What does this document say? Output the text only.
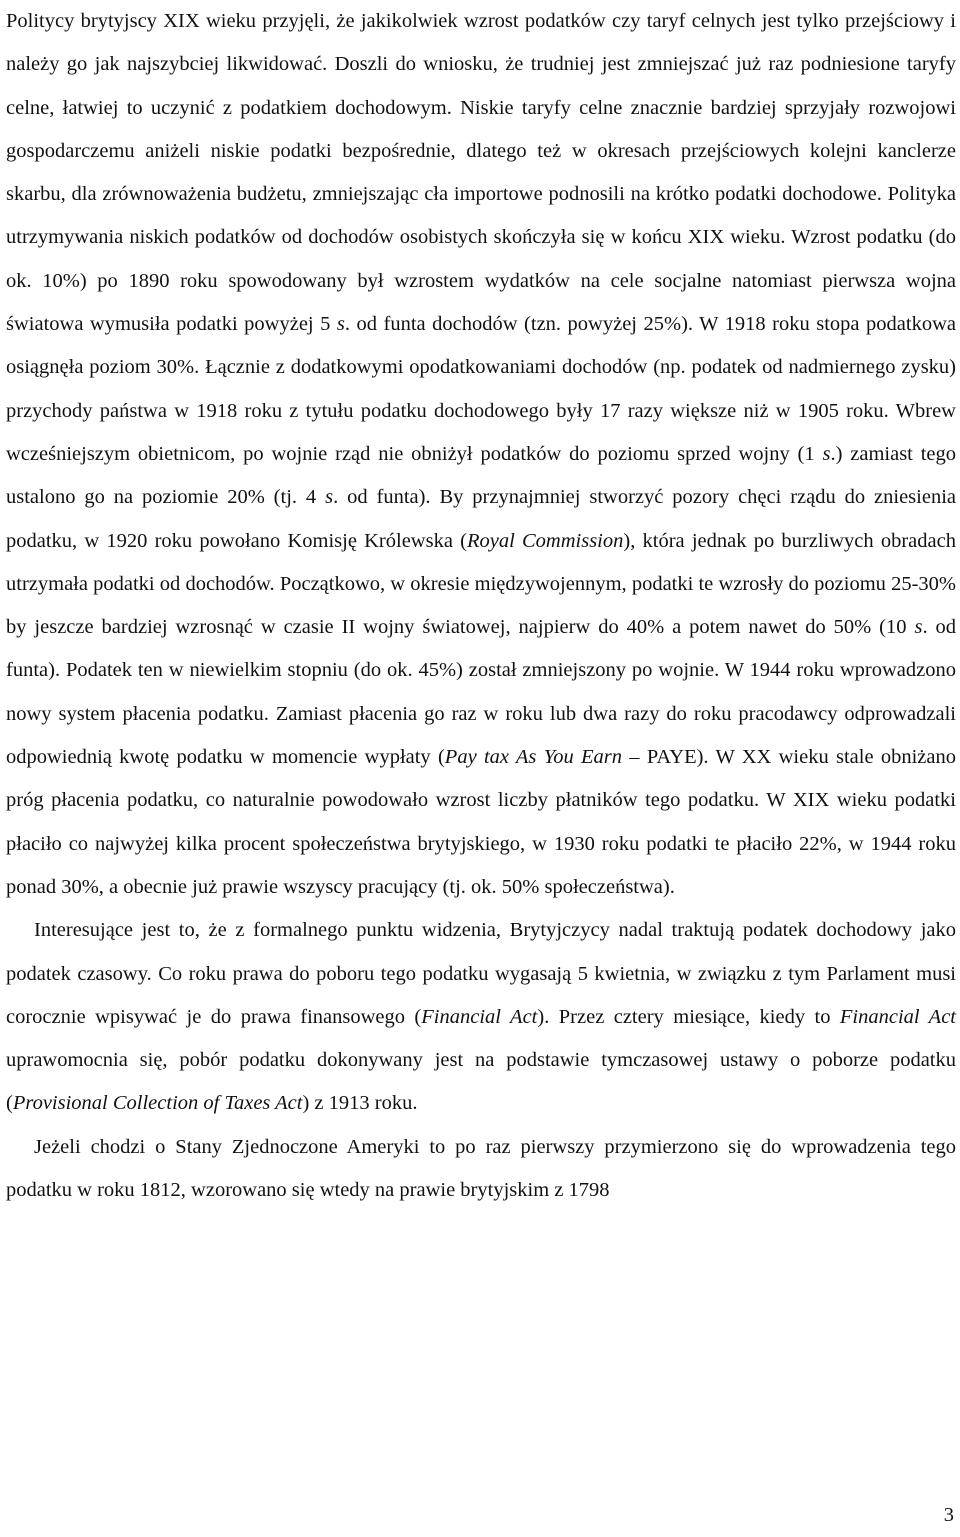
Politycy brytyjscy XIX wieku przyjęli, że jakikolwiek wzrost podatków czy taryf celnych jest tylko przejściowy i należy go jak najszybciej likwidować. Doszli do wniosku, że trudniej jest zmniejszać już raz podniesione taryfy celne, łatwiej to uczynić z podatkiem dochodowym. Niskie taryfy celne znacznie bardziej sprzyjały rozwojowi gospodarczemu aniżeli niskie podatki bezpośrednie, dlatego też w okresach przejściowych kolejni kanclerze skarbu, dla zrównoważenia budżetu, zmniejszając cła importowe podnosili na krótko podatki dochodowe. Polityka utrzymywania niskich podatków od dochodów osobistych skończyła się w końcu XIX wieku. Wzrost podatku (do ok. 10%) po 1890 roku spowodowany był wzrostem wydatków na cele socjalne natomiast pierwsza wojna światowa wymusiła podatki powyżej 5 s. od funta dochodów (tzn. powyżej 25%). W 1918 roku stopa podatkowa osiągnęła poziom 30%. Łącznie z dodatkowymi opodatkowaniami dochodów (np. podatek od nadmiernego zysku) przychody państwa w 1918 roku z tytułu podatku dochodowego były 17 razy większe niż w 1905 roku. Wbrew wcześniejszym obietnicom, po wojnie rząd nie obniżył podatków do poziomu sprzed wojny (1 s.) zamiast tego ustalono go na poziomie 20% (tj. 4 s. od funta). By przynajmniej stworzyć pozory chęci rządu do zniesienia podatku, w 1920 roku powołano Komisję Królewska (Royal Commission), która jednak po burzliwych obradach utrzymała podatki od dochodów. Początkowo, w okresie międzywojennym, podatki te wzrosły do poziomu 25-30% by jeszcze bardziej wzrosnąć w czasie II wojny światowej, najpierw do 40% a potem nawet do 50% (10 s. od funta). Podatek ten w niewielkim stopniu (do ok. 45%) został zmniejszony po wojnie. W 1944 roku wprowadzono nowy system płacenia podatku. Zamiast płacenia go raz w roku lub dwa razy do roku pracodawcy odprowadzali odpowiednią kwotę podatku w momencie wypłaty (Pay tax As You Earn – PAYE). W XX wieku stale obniżano próg płacenia podatku, co naturalnie powodowało wzrost liczby płatników tego podatku. W XIX wieku podatki płaciło co najwyżej kilka procent społeczeństwa brytyjskiego, w 1930 roku podatki te płaciło 22%, w 1944 roku ponad 30%, a obecnie już prawie wszyscy pracujący (tj. ok. 50% społeczeństwa).

Interesujące jest to, że z formalnego punktu widzenia, Brytyjczycy nadal traktują podatek dochodowy jako podatek czasowy. Co roku prawa do poboru tego podatku wygasają 5 kwietnia, w związku z tym Parlament musi corocznie wpisywać je do prawa finansowego (Financial Act). Przez cztery miesiące, kiedy to Financial Act uprawomocnia się, pobór podatku dokonywany jest na podstawie tymczasowej ustawy o poborze podatku (Provisional Collection of Taxes Act) z 1913 roku.

Jeżeli chodzi o Stany Zjednoczone Ameryki to po raz pierwszy przymierzono się do wprowadzenia tego podatku w roku 1812, wzorowano się wtedy na prawie brytyjskim z 1798

3
